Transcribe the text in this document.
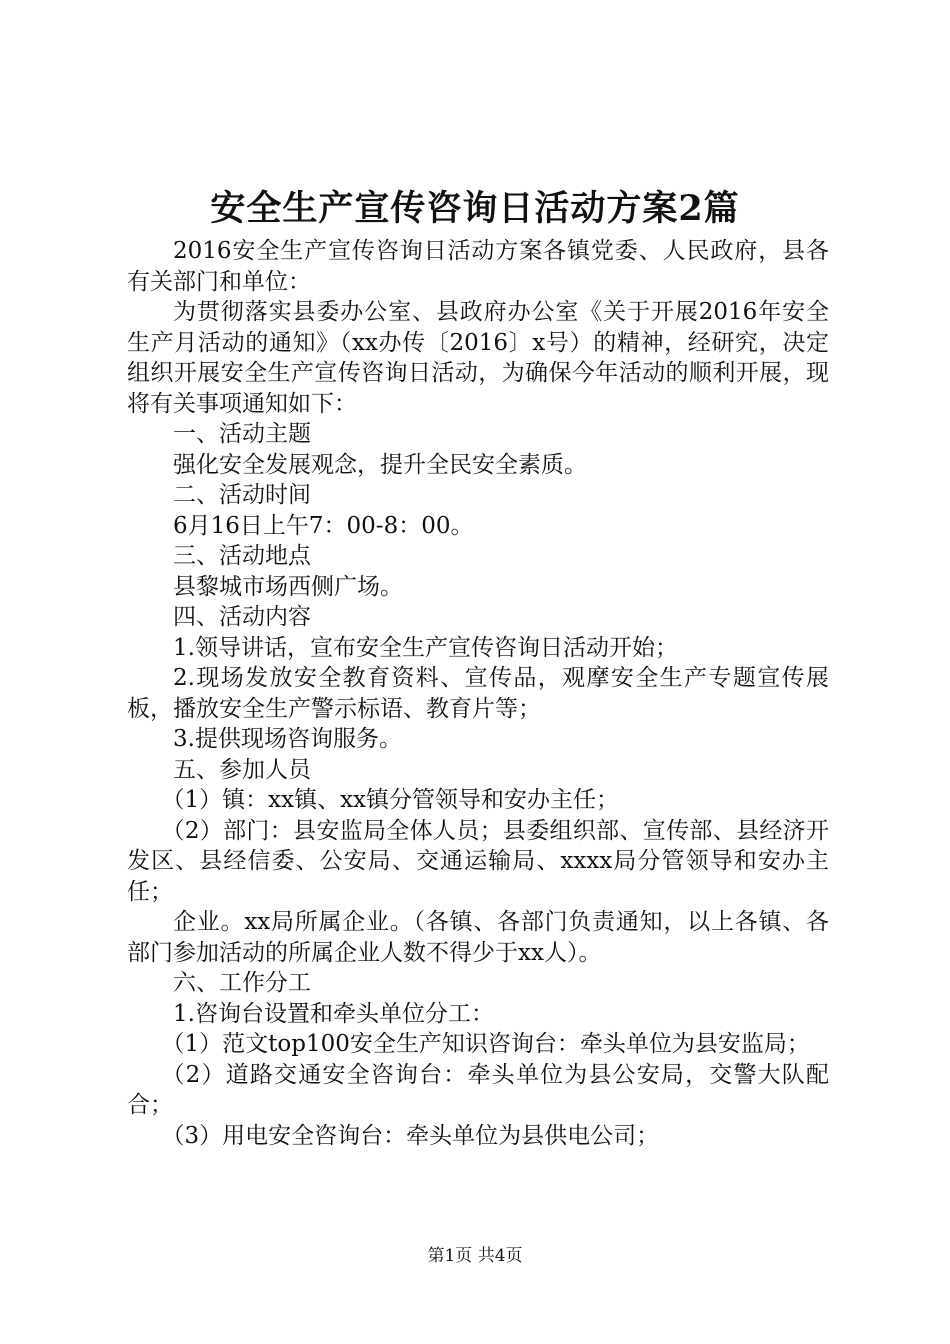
安全生产宣传咨询日活动方案2篇

2016安全生产宣传咨询日活动方案各镇党委、人民政府，县各有关部门和单位：

为贯彻落实县委办公室、县政府办公室《关于开展2016年安全生产月活动的通知》（xx办传〔2016〕x号）的精神，经研究，决定组织开展安全生产宣传咨询日活动，为确保今年活动的顺利开展，现将有关事项通知如下：

一、活动主题

强化安全发展观念，提升全民安全素质。

二、活动时间

6月16日上午7：00-8：00。

三、活动地点

县黎城市场西侧广场。

四、活动内容

1.领导讲话，宣布安全生产宣传咨询日活动开始；

2.现场发放安全教育资料、宣传品，观摩安全生产专题宣传展板，播放安全生产警示标语、教育片等；

3.提供现场咨询服务。

五、参加人员

（1）镇：xx镇、xx镇分管领导和安办主任；

（2）部门：县安监局全体人员；县委组织部、宣传部、县经济开发区、县经信委、公安局、交通运输局、xxxx局分管领导和安办主任；

企业。xx局所属企业。（各镇、各部门负责通知，以上各镇、各部门参加活动的所属企业人数不得少于xx人）。

六、工作分工

1.咨询台设置和牵头单位分工：

（1）范文top100安全生产知识咨询台：牵头单位为县安监局；

（2）道路交通安全咨询台：牵头单位为县公安局，交警大队配合；

（3）用电安全咨询台：牵头单位为县供电公司；

第1页 共4页
